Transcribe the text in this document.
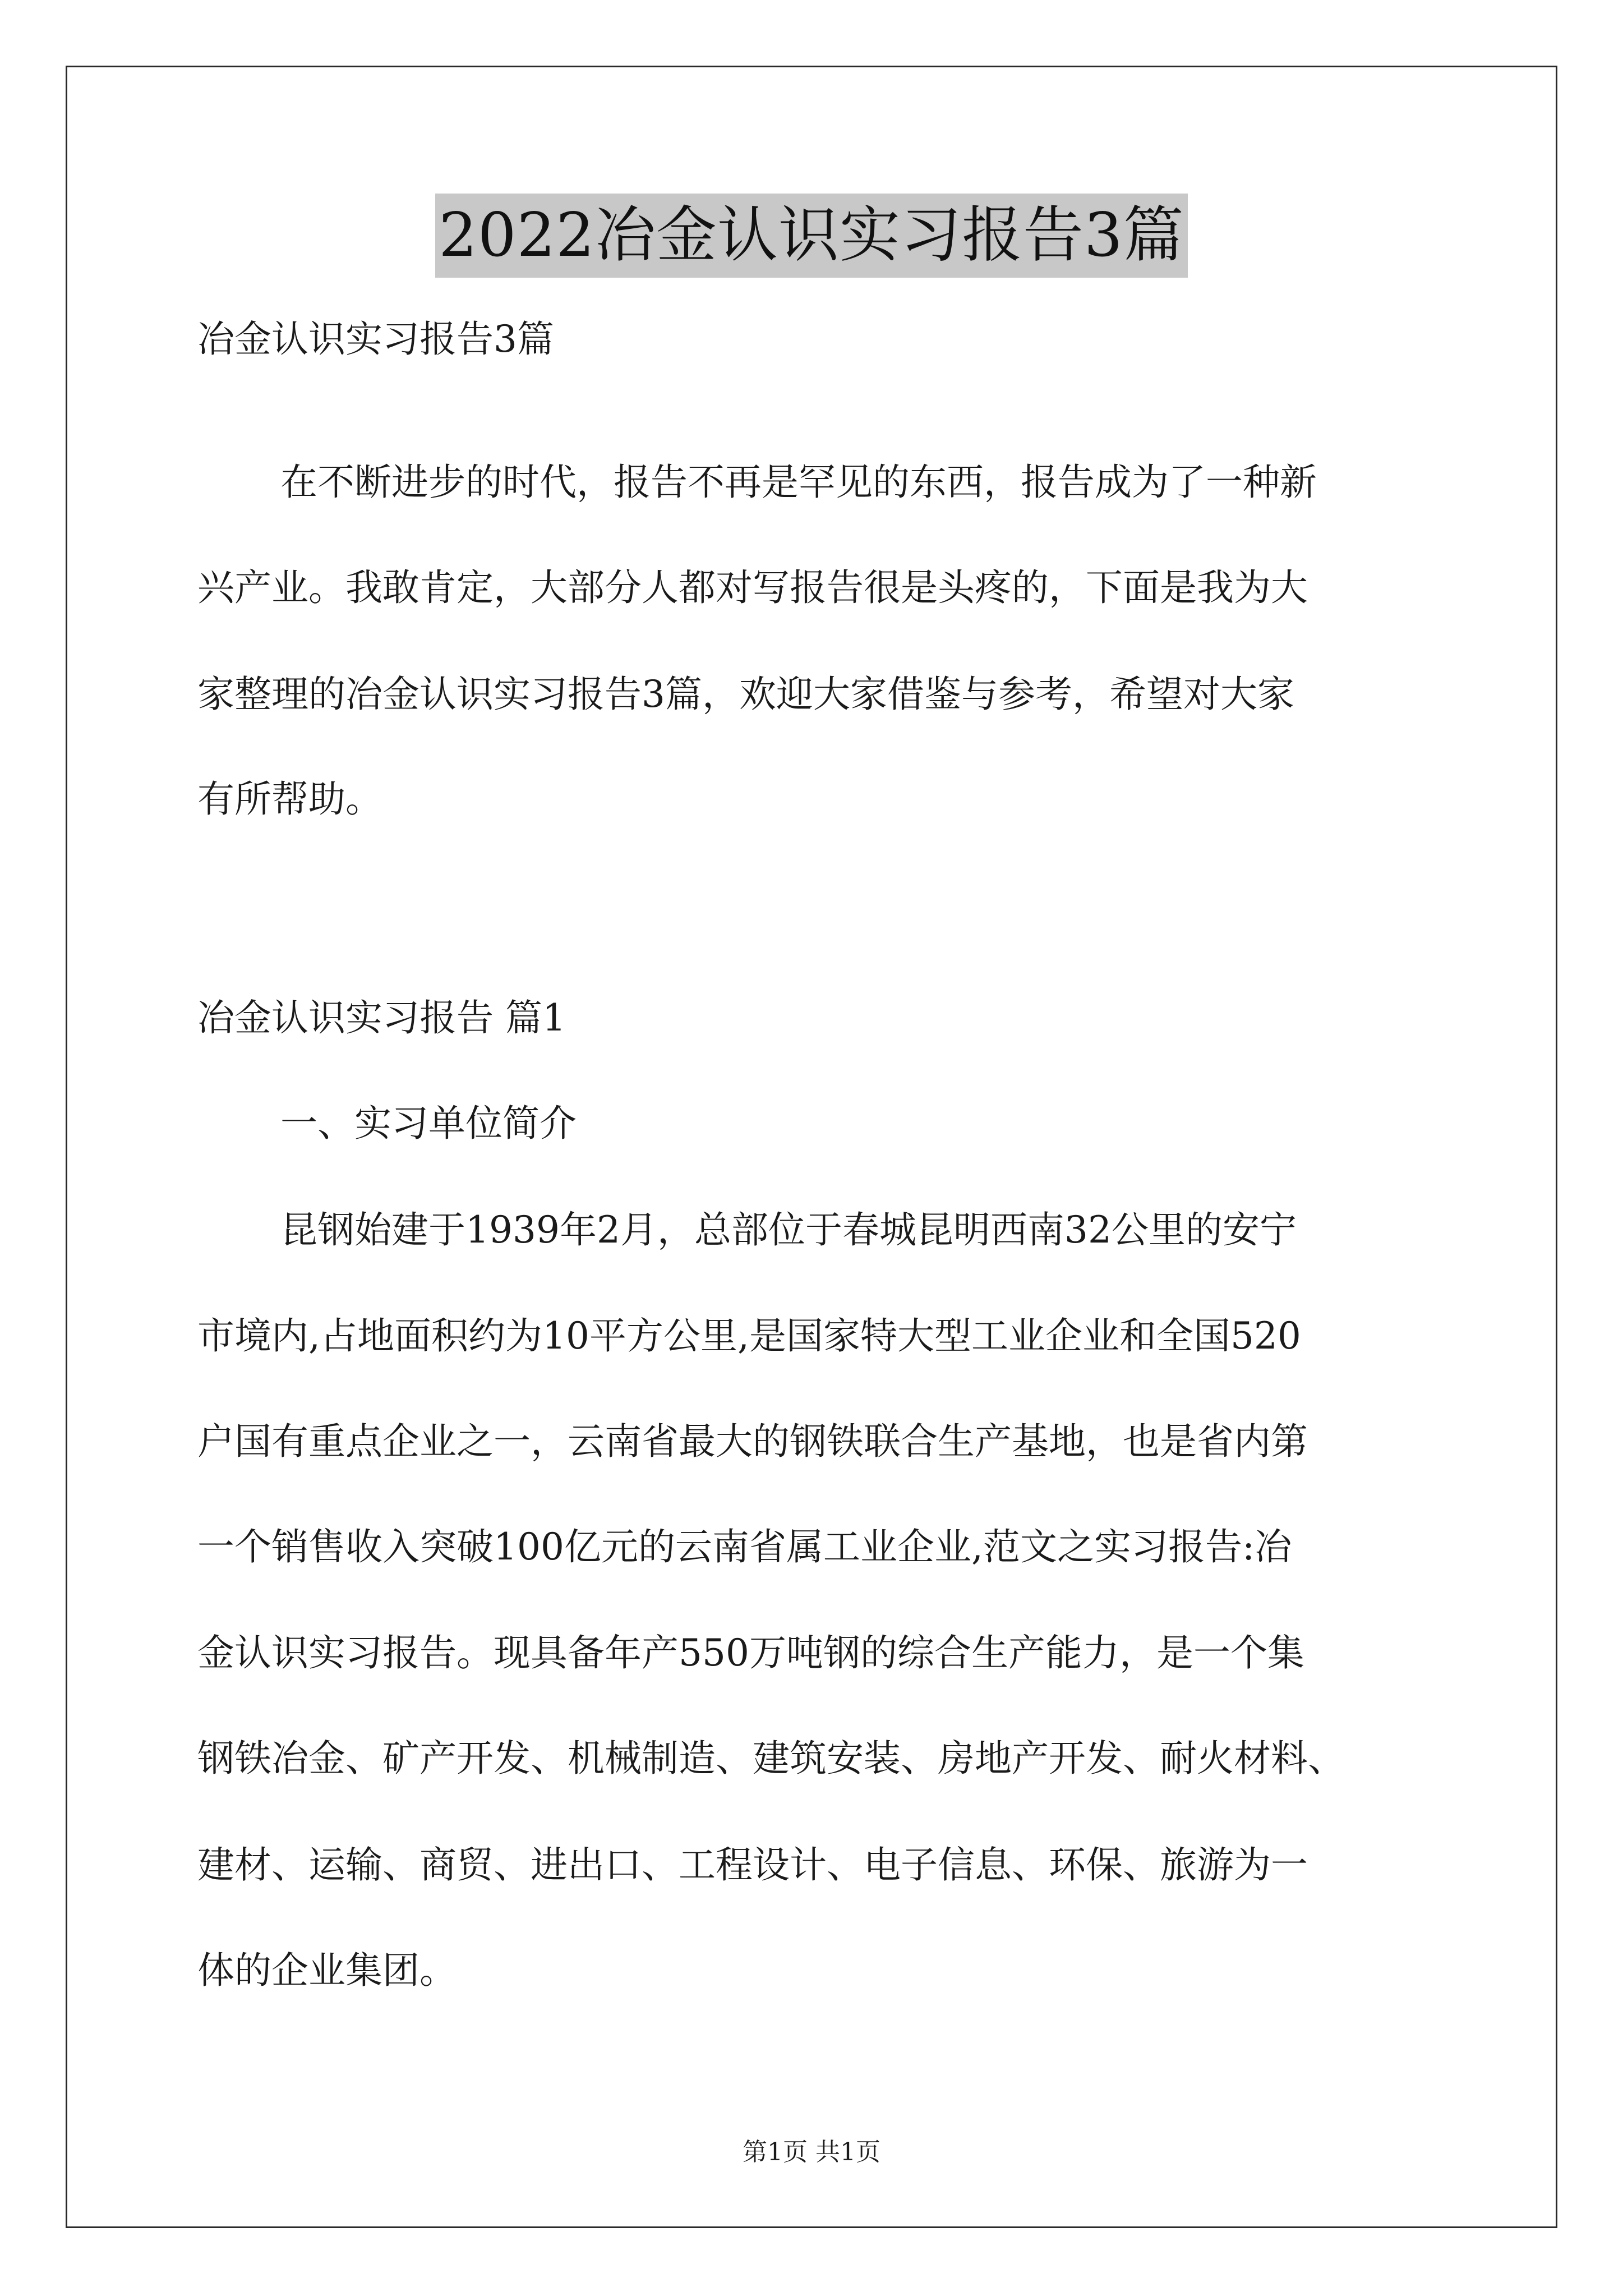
2022冶金认识实习报告3篇
冶金认识实习报告3篇
在不断进步的时代，报告不再是罕见的东西，报告成为了一种新
兴产业。我敢肯定，大部分人都对写报告很是头疼的，下面是我为大
家整理的冶金认识实习报告3篇，欢迎大家借鉴与参考，希望对大家
有所帮助。
冶金认识实习报告 篇1
一、实习单位简介
昆钢始建于1939年2月，总部位于春城昆明西南32公里的安宁
市境内,占地面积约为10平方公里,是国家特大型工业企业和全国520
户国有重点企业之一，云南省最大的钢铁联合生产基地，也是省内第
一个销售收入突破100亿元的云南省属工业企业,范文之实习报告:冶
金认识实习报告。现具备年产550万吨钢的综合生产能力，是一个集
钢铁冶金、矿产开发、机械制造、建筑安装、房地产开发、耐火材料、
建材、运输、商贸、进出口、工程设计、电子信息、环保、旅游为一
体的企业集团。
第1页 共1页
